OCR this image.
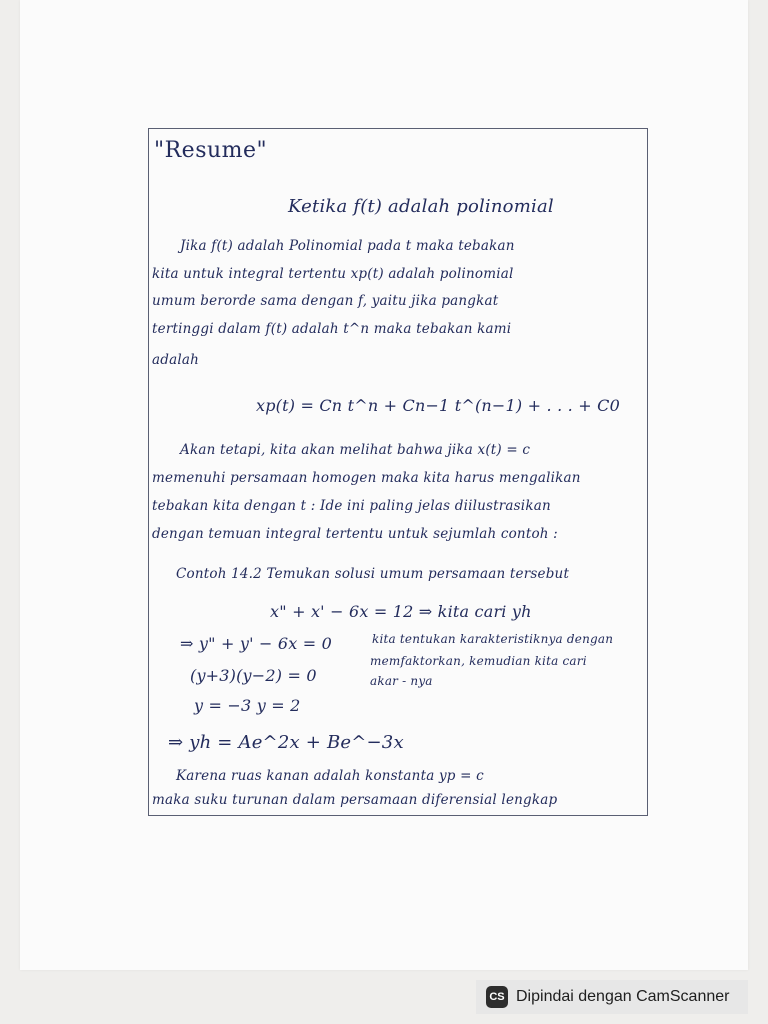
"Resume"
Ketika f(t) adalah polinomial
Jika f(t) adalah Polinomial pada t maka tebakan
kita untuk integral tertentu xp(t) adalah polinomial
umum berorde sama dengan f, yaitu jika pangkat
tertinggi dalam f(t) adalah t^n maka tebakan kami
adalah
xp(t) = Cn t^n + Cn−1 t^(n−1) + . . . + C0
Akan tetapi, kita akan melihat bahwa jika x(t) = c
memenuhi persamaan homogen maka kita harus mengalikan
tebakan kita dengan t : Ide ini paling jelas diilustrasikan
dengan temuan integral tertentu untuk sejumlah contoh :
Contoh 14.2 Temukan solusi umum persamaan tersebut
x" + x' − 6x = 12 ⇒ kita cari yh
⇒ y" + y' − 6x = 0	kita tentukan karakteristiknya dengan
(y+3)(y−2) = 0
memfaktorkan, kemudian kita cari
akar - nya
y = −3 y = 2
⇒ yh = Ae^2x + Be^−3x
Karena ruas kanan adalah konstanta yp = c
maka suku turunan dalam persamaan diferensial lengkap
CS Dipindai dengan CamScanner
